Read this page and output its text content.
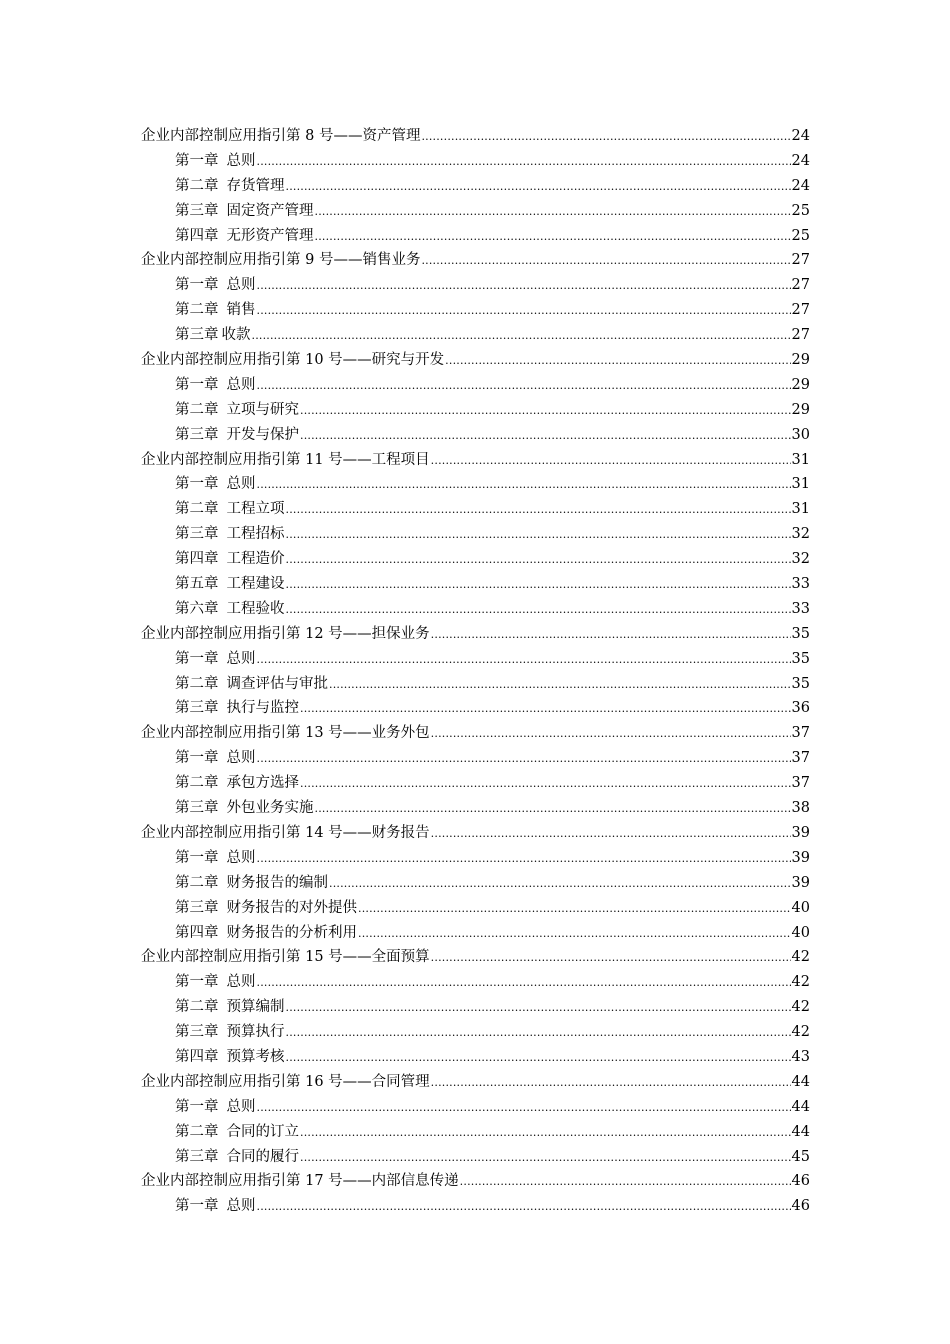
企业内部控制应用指引第 8 号——资产管理 .....	24
第一章 总则 .....	24
第二章 存货管理 .....	24
第三章 固定资产管理 .....	25
第四章 无形资产管理 .....	25
企业内部控制应用指引第 9 号——销售业务 .....	27
第一章 总则 .....	27
第二章 销售 .....	27
第三章 收款 .....	27
企业内部控制应用指引第 10 号——研究与开发 .....	29
第一章 总则 .....	29
第二章 立项与研究 .....	29
第三章 开发与保护 .....	30
企业内部控制应用指引第 11 号——工程项目 .....	31
第一章 总则 .....	31
第二章 工程立项 .....	31
第三章 工程招标 .....	32
第四章 工程造价 .....	32
第五章 工程建设 .....	33
第六章 工程验收 .....	33
企业内部控制应用指引第 12 号——担保业务 .....	35
第一章 总则 .....	35
第二章 调查评估与审批 .....	35
第三章 执行与监控 .....	36
企业内部控制应用指引第 13 号——业务外包 .....	37
第一章 总则 .....	37
第二章 承包方选择 .....	37
第三章 外包业务实施 .....	38
企业内部控制应用指引第 14 号——财务报告 .....	39
第一章 总则 .....	39
第二章 财务报告的编制 .....	39
第三章 财务报告的对外提供 .....	40
第四章 财务报告的分析利用 .....	40
企业内部控制应用指引第 15 号——全面预算 .....	42
第一章 总则 .....	42
第二章 预算编制 .....	42
第三章 预算执行 .....	42
第四章 预算考核 .....	43
企业内部控制应用指引第 16 号——合同管理 .....	44
第一章 总则 .....	44
第二章 合同的订立 .....	44
第三章 合同的履行 .....	45
企业内部控制应用指引第 17 号——内部信息传递 .....	46
第一章 总则 .....	46
